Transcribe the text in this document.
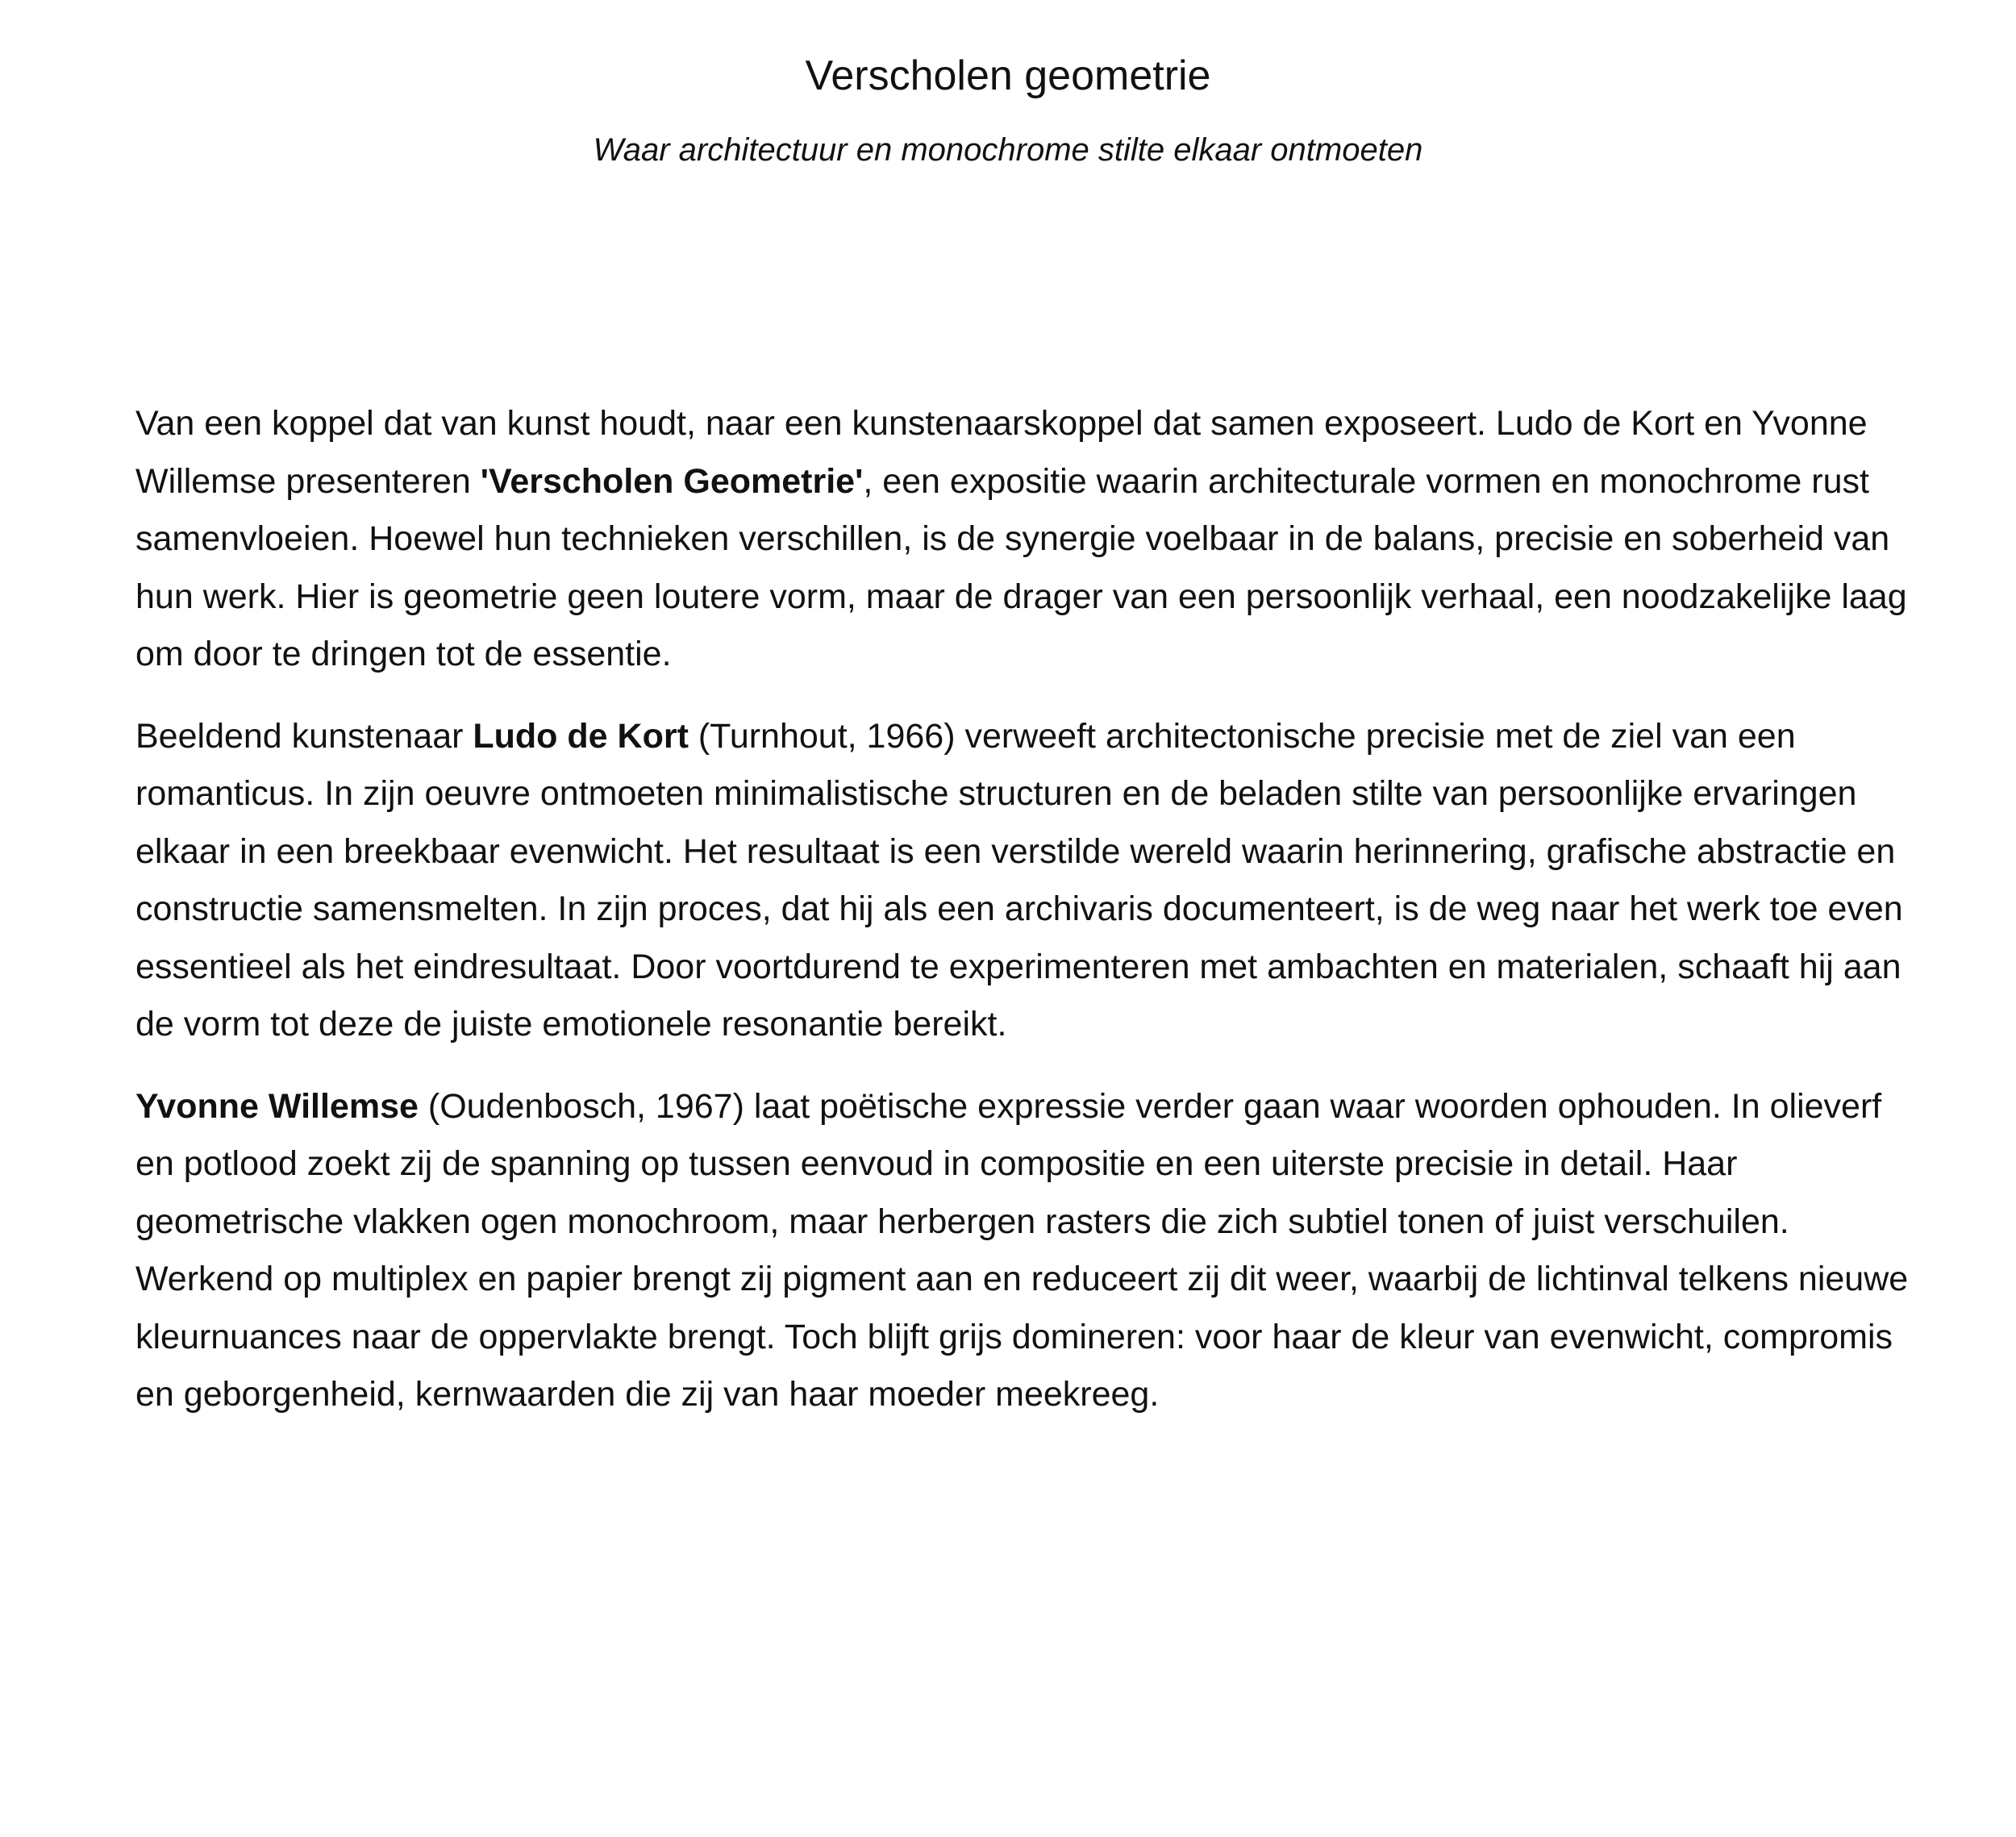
Verscholen geometrie

Waar architectuur en monochrome stilte elkaar ontmoeten

Van een koppel dat van kunst houdt, naar een kunstenaarskoppel dat samen exposeert. Ludo de Kort en Yvonne Willemse presenteren 'Verscholen Geometrie', een expositie waarin architecturale vormen en monochrome rust samenvloeien. Hoewel hun technieken verschillen, is de synergie voelbaar in de balans, precisie en soberheid van hun werk. Hier is geometrie geen loutere vorm, maar de drager van een persoonlijk verhaal, een noodzakelijke laag om door te dringen tot de essentie.

Beeldend kunstenaar Ludo de Kort (Turnhout, 1966) verweeft architectonische precisie met de ziel van een romanticus. In zijn oeuvre ontmoeten minimalistische structuren en de beladen stilte van persoonlijke ervaringen elkaar in een breekbaar evenwicht. Het resultaat is een verstilde wereld waarin herinnering, grafische abstractie en constructie samensmelten. In zijn proces, dat hij als een archivaris documenteert, is de weg naar het werk toe even essentieel als het eindresultaat. Door voortdurend te experimenteren met ambachten en materialen, schaaft hij aan de vorm tot deze de juiste emotionele resonantie bereikt.

Yvonne Willemse (Oudenbosch, 1967) laat poëtische expressie verder gaan waar woorden ophouden. In olieverf en potlood zoekt zij de spanning op tussen eenvoud in compositie en een uiterste precisie in detail. Haar geometrische vlakken ogen monochroom, maar herbergen rasters die zich subtiel tonen of juist verschuilen. Werkend op multiplex en papier brengt zij pigment aan en reduceert zij dit weer, waarbij de lichtinval telkens nieuwe kleurnuances naar de oppervlakte brengt. Toch blijft grijs domineren: voor haar de kleur van evenwicht, compromis en geborgenheid, kernwaarden die zij van haar moeder meekreeg.
